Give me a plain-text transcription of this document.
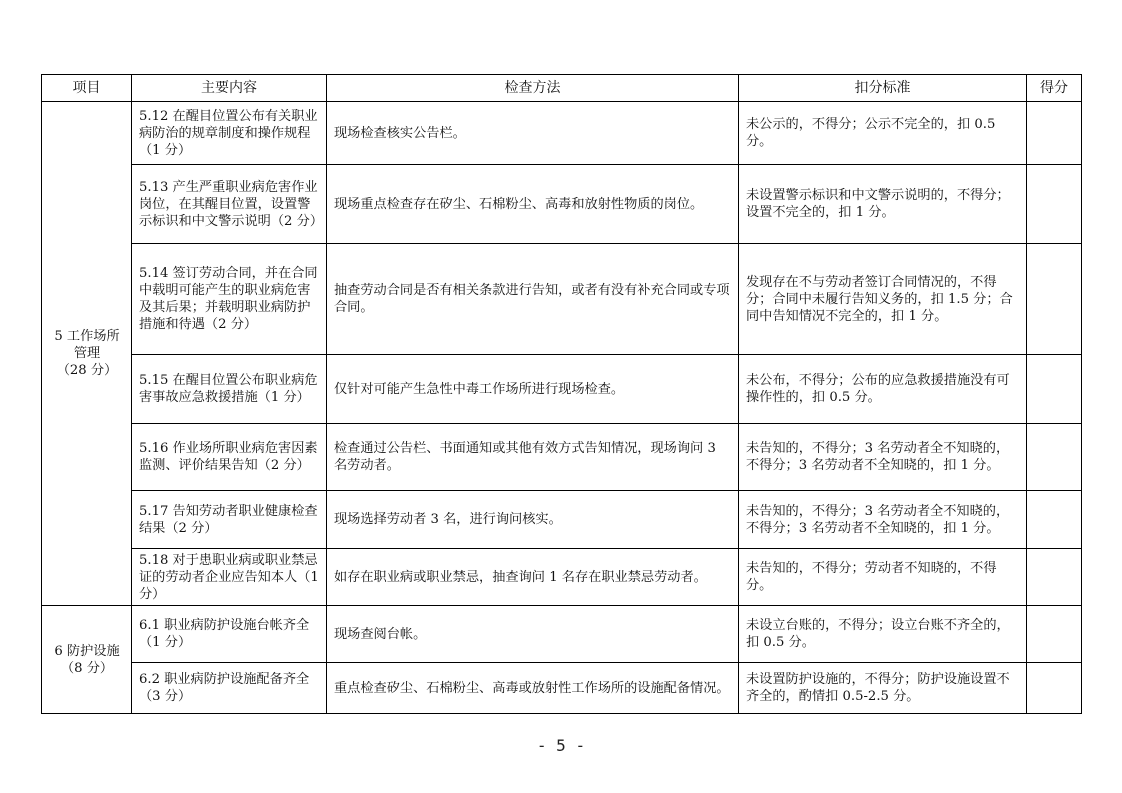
项目	主要内容	检查方法	扣分标准	得分

5 工作场所
管理
（28 分）	5.12 在醒目位置公布有关职业病防治的规章制度和操作规程（1 分）	现场检查核实公告栏。	未公示的，不得分；公示不完全的，扣 0.5 分。	
	5.13 产生严重职业病危害作业岗位，在其醒目位置，设置警示标识和中文警示说明（2 分）	现场重点检查存在矽尘、石棉粉尘、高毒和放射性物质的岗位。	未设置警示标识和中文警示说明的，不得分；设置不完全的，扣 1 分。	
	5.14 签订劳动合同，并在合同中载明可能产生的职业病危害及其后果；并载明职业病防护措施和待遇（2 分）	抽查劳动合同是否有相关条款进行告知，或者有没有补充合同或专项合同。	发现存在不与劳动者签订合同情况的，不得分；合同中未履行告知义务的，扣 1.5 分；合同中告知情况不完全的，扣 1 分。	
	5.15 在醒目位置公布职业病危害事故应急救援措施（1 分）	仅针对可能产生急性中毒工作场所进行现场检查。	未公布，不得分；公布的应急救援措施没有可操作性的，扣 0.5 分。	
	5.16 作业场所职业病危害因素监测、评价结果告知（2 分）	检查通过公告栏、书面通知或其他有效方式告知情况，现场询问 3 名劳动者。	未告知的，不得分；3 名劳动者全不知晓的，不得分；3 名劳动者不全知晓的，扣 1 分。	
	5.17 告知劳动者职业健康检查结果（2 分）	现场选择劳动者 3 名，进行询问核实。	未告知的，不得分；3 名劳动者全不知晓的，不得分；3 名劳动者不全知晓的，扣 1 分。	
	5.18 对于患职业病或职业禁忌证的劳动者企业应告知本人（1 分）	如存在职业病或职业禁忌，抽查询问 1 名存在职业禁忌劳动者。	未告知的，不得分；劳动者不知晓的，不得分。	

6 防护设施
（8 分）	6.1 职业病防护设施台帐齐全（1 分）	现场查阅台帐。	未设立台账的，不得分；设立台账不齐全的，扣 0.5 分。	
	6.2 职业病防护设施配备齐全（3 分）	重点检查矽尘、石棉粉尘、高毒或放射性工作场所的设施配备情况。	未设置防护设施的，不得分；防护设施设置不齐全的，酌情扣 0.5-2.5 分。	
- 5 -
